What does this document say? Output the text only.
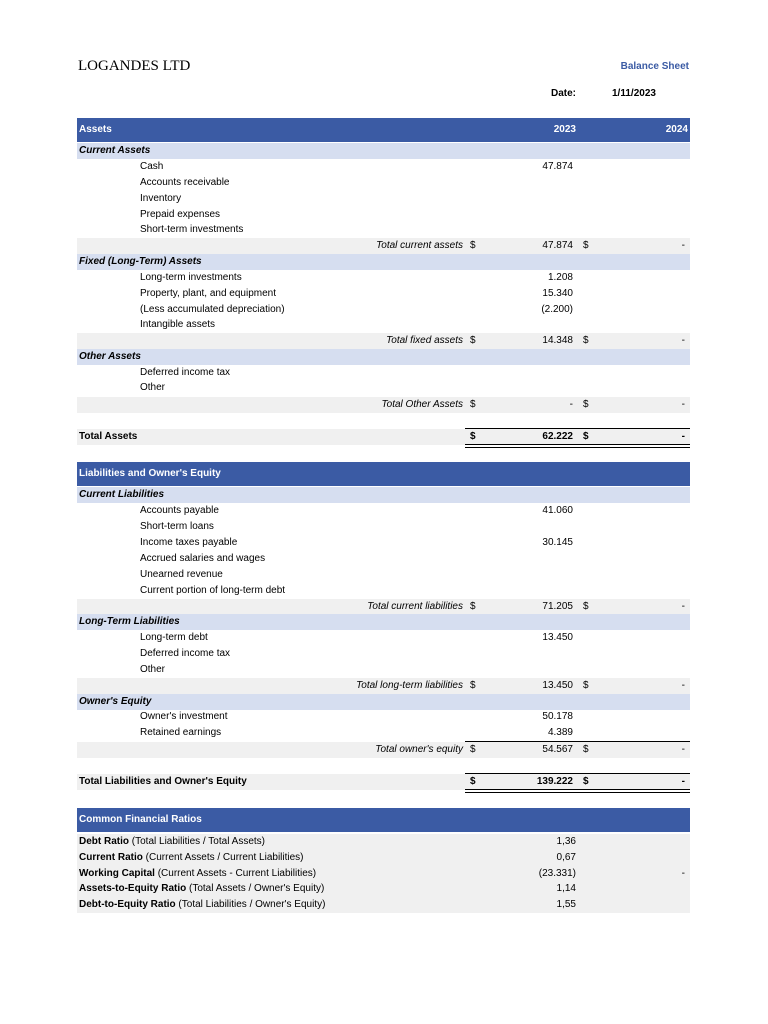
LOGANDES LTD	Balance Sheet
Date:	1/11/2023
Assets	2023	2024
Current Assets
Cash	47.874
Accounts receivable
Inventory
Prepaid expenses
Short-term investments
Total current assets $	47.874 $	-
Fixed (Long-Term) Assets
Long-term investments	1.208
Property, plant, and equipment	15.340
(Less accumulated depreciation)	(2.200)
Intangible assets
Total fixed assets $	14.348 $	-
Other Assets
Deferred income tax
Other
Total Other Assets $	- $	-
Total Assets	$	62.222 $	-
Liabilities and Owner's Equity
Current Liabilities
Accounts payable	41.060
Short-term loans
Income taxes payable	30.145
Accrued salaries and wages
Unearned revenue
Current portion of long-term debt
Total current liabilities $	71.205 $	-
Long-Term Liabilities
Long-term debt	13.450
Deferred income tax
Other
Total long-term liabilities $	13.450 $	-
Owner's Equity
Owner's investment	50.178
Retained earnings	4.389
Total owner's equity $	54.567 $	-
Total Liabilities and Owner's Equity	$	139.222 $	-
Common Financial Ratios
Debt Ratio (Total Liabilities / Total Assets)	1,36
Current Ratio (Current Assets / Current Liabilities)	0,67
Working Capital (Current Assets - Current Liabilities)	(23.331)	-
Assets-to-Equity Ratio (Total Assets / Owner's Equity)	1,14
Debt-to-Equity Ratio (Total Liabilities / Owner's Equity)	1,55
